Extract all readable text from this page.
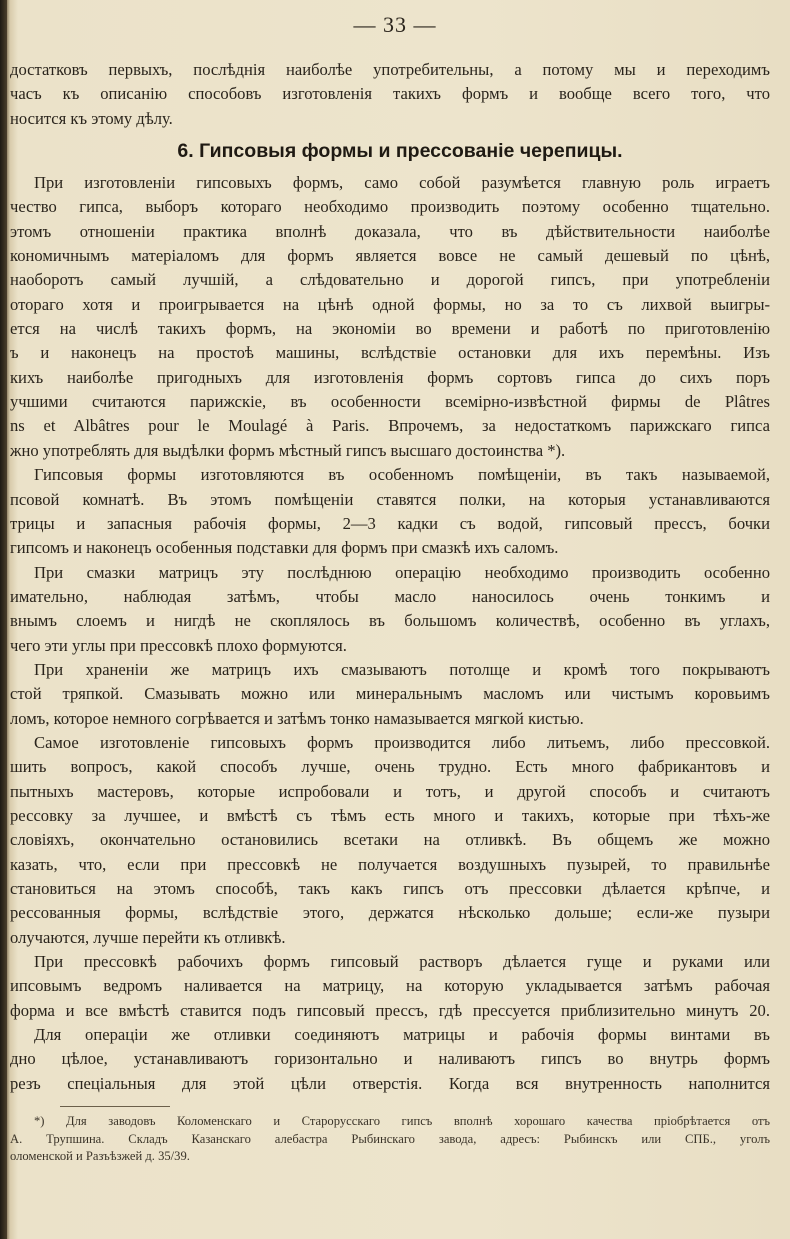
— 33 —
достатковъ первыхъ, послѣднія наиболѣе употребительны, а потому мы и переходимъ
часъ къ описанію способовъ изготовленія такихъ формъ и вообще всего того, что
носится къ этому дѣлу.
6. Гипсовыя формы и прессованіе черепицы.
При изготовленіи гипсовыхъ формъ, само собой разумѣется главную роль играетъ
чество гипса, выборъ котораго необходимо производить поэтому особенно тщательно.
этомъ отношеніи практика вполнѣ доказала, что въ дѣйствительности наиболѣе
кономичнымъ матеріаломъ для формъ является вовсе не самый дешевый по цѣнѣ,
наоборотъ самый лучшій, а слѣдовательно и дорогой гипсъ, при употребленіи
отораго хотя и проигрывается на цѣнѣ одной формы, но за то съ лихвой выигры-
ется на числѣ такихъ формъ, на экономіи во времени и работѣ по приготовленію
ъ и наконецъ на простоѣ машины, вслѣдствіе остановки для ихъ перемѣны. Изъ
кихъ наиболѣе пригодныхъ для изготовленія формъ сортовъ гипса до сихъ поръ
учшими считаются парижскіе, въ особенности всемірно-извѣстной фирмы de Plâtres
ns et Albâtres pour le Moulagé à Paris. Впрочемъ, за недостаткомъ парижскаго гипса
жно употреблять для выдѣлки формъ мѣстный гипсъ высшаго достоинства *).
Гипсовыя формы изготовляются въ особенномъ помѣщеніи, въ такъ называемой,
псовой комнатѣ. Въ этомъ помѣщеніи ставятся полки, на которыя устанавливаются
трицы и запасныя рабочія формы, 2—3 кадки съ водой, гипсовый прессъ, бочки
гипсомъ и наконецъ особенныя подставки для формъ при смазкѣ ихъ саломъ.
При смазки матрицъ эту послѣднюю операцію необходимо производить особенно
имательно, наблюдая затѣмъ, чтобы масло наносилось очень тонкимъ и
внымъ слоемъ и нигдѣ не скоплялось въ большомъ количествѣ, особенно въ углахъ,
чего эти углы при прессовкѣ плохо формуются.
При храненіи же матрицъ ихъ смазываютъ потолще и кромѣ того покрываютъ
стой тряпкой. Смазывать можно или минеральнымъ масломъ или чистымъ коровьимъ
ломъ, которое немного согрѣвается и затѣмъ тонко намазывается мягкой кистью.
Самое изготовленіе гипсовыхъ формъ производится либо литьемъ, либо прессовкой.
шить вопросъ, какой способъ лучше, очень трудно. Есть много фабрикантовъ и
пытныхъ мастеровъ, которые испробовали и тотъ, и другой способъ и считаютъ
рессовку за лучшее, и вмѣстѣ съ тѣмъ есть много и такихъ, которые при тѣхъ-же
словіяхъ, окончательно остановились всетаки на отливкѣ. Въ общемъ же можно
казать, что, если при прессовкѣ не получается воздушныхъ пузырей, то правильнѣе
становиться на этомъ способѣ, такъ какъ гипсъ отъ прессовки дѣлается крѣпче, и
рессованныя формы, вслѣдствіе этого, держатся нѣсколько дольше; если-же пузыри
олучаются, лучше перейти къ отливкѣ.
При прессовкѣ рабочихъ формъ гипсовый растворъ дѣлается гуще и руками или
ипсовымъ ведромъ наливается на матрицу, на которую укладывается затѣмъ рабочая
форма и все вмѣстѣ ставится подъ гипсовый прессъ, гдѣ прессуется приблизительно минутъ 20.
Для операціи же отливки соединяютъ матрицы и рабочія формы винтами въ
дно цѣлое, устанавливаютъ горизонтально и наливаютъ гипсъ во внутрь формъ
резъ спеціальныя для этой цѣли отверстія. Когда вся внутренность наполнится
*) Для заводовъ Коломенскаго и Старорусскаго гипсъ вполнѣ хорошаго качества пріобрѣтается отъ
А. Трупшина. Складъ Казанскаго алебастра Рыбинскаго завода, адресъ: Рыбинскъ или СПБ., уголъ
оломенской и Разъѣзжей д. 35/39.
